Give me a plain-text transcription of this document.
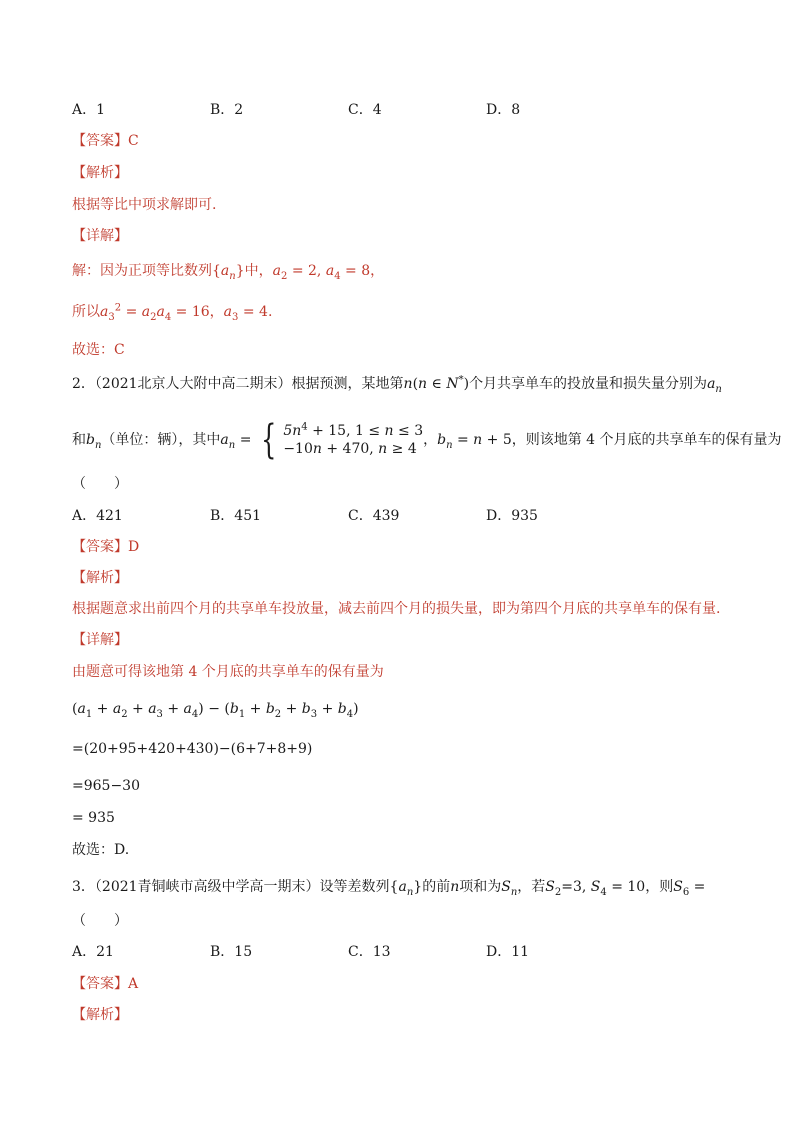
A．1	B．2	C．4	D．8
【答案】C
【解析】
根据等比中项求解即可.
【详解】
解：因为正项等比数列$\{a_n\}$中，$a_2 = 2$, $a_4 = 8$，
所以$a_3^2 = a_2a_4 = 16$，$a_3 = 4$.
故选：C
2．（2021北京人大附中高二期末）根据预测，某地第n(n ∈ N*)个月共享单车的投放量和损失量分别为$a_n$
和$b_n$（单位：辆），其中$a_n$ = { $5n^4 + 15$, 1 ≤ n ≤ 3
−10n + 470, n ≥ 4
，$b_n = n + 5$，则该地第 4 个月底的共享单车的保有量为
（　　）
A．421	B．451	C．439	D．935
【答案】D
【解析】
根据题意求出前四个月的共享单车投放量，减去前四个月的损失量，即为第四个月底的共享单车的保有量.
【详解】
由题意可得该地第 4 个月底的共享单车的保有量为
$(a_1 + a_2 + a_3 + a_4) - (b_1 + b_2 + b_3 + b_4)$
=(20+95+420+430)−(6+7+8+9)
=965−30
= 935
故选：D.
3．（2021青铜峡市高级中学高一期末）设等差数列$\{a_n\}$的前n项和为$S_n$，若$S_2=3$, $S_4 = 10$，则$S_6$ =
（　　）
A．21	B．15	C．13	D．11
【答案】A
【解析】
